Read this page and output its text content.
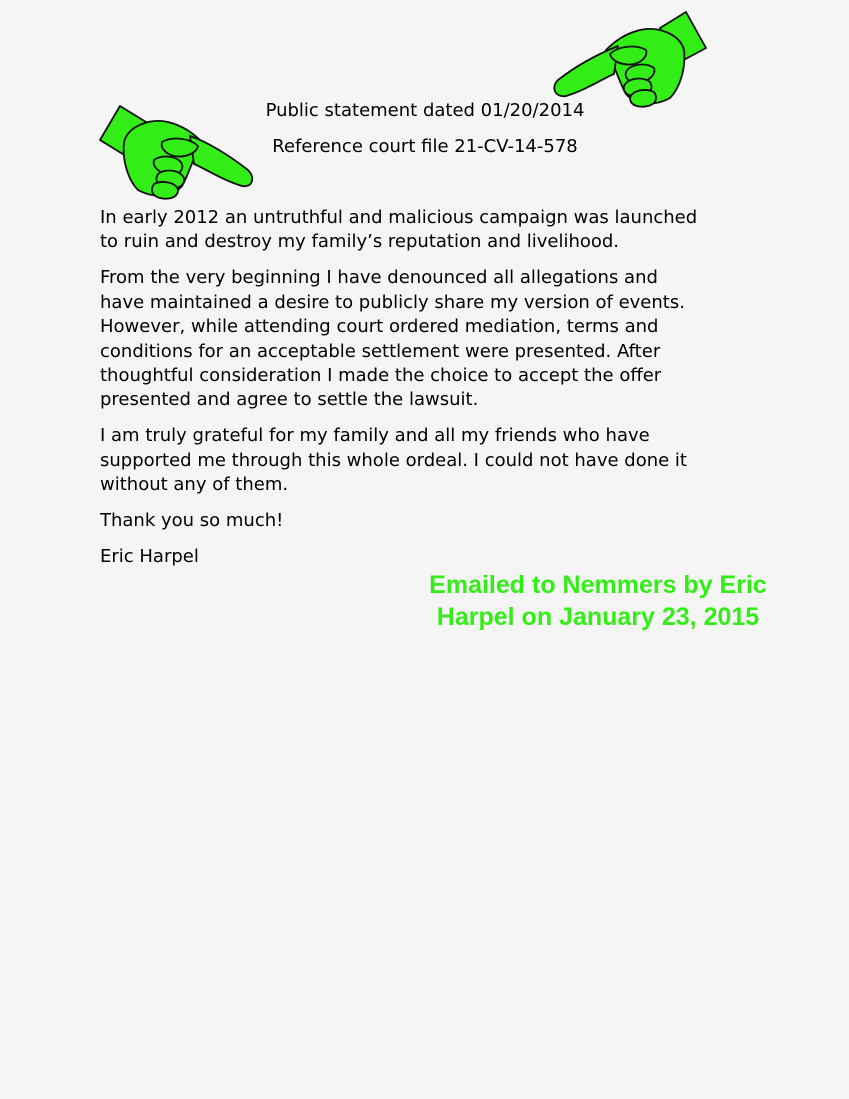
Public statement dated 01/20/2014
Reference court file 21-CV-14-578

In early 2012 an untruthful and malicious campaign was launched
to ruin and destroy my family’s reputation and livelihood.

From the very beginning I have denounced all allegations and
have maintained a desire to publicly share my version of events.
However, while attending court ordered mediation, terms and
conditions for an acceptable settlement were presented. After
thoughtful consideration I made the choice to accept the offer
presented and agree to settle the lawsuit.

I am truly grateful for my family and all my friends who have
supported me through this whole ordeal. I could not have done it
without any of them.

Thank you so much!

Eric Harpel

Emailed to Nemmers by Eric
Harpel on January 23, 2015
